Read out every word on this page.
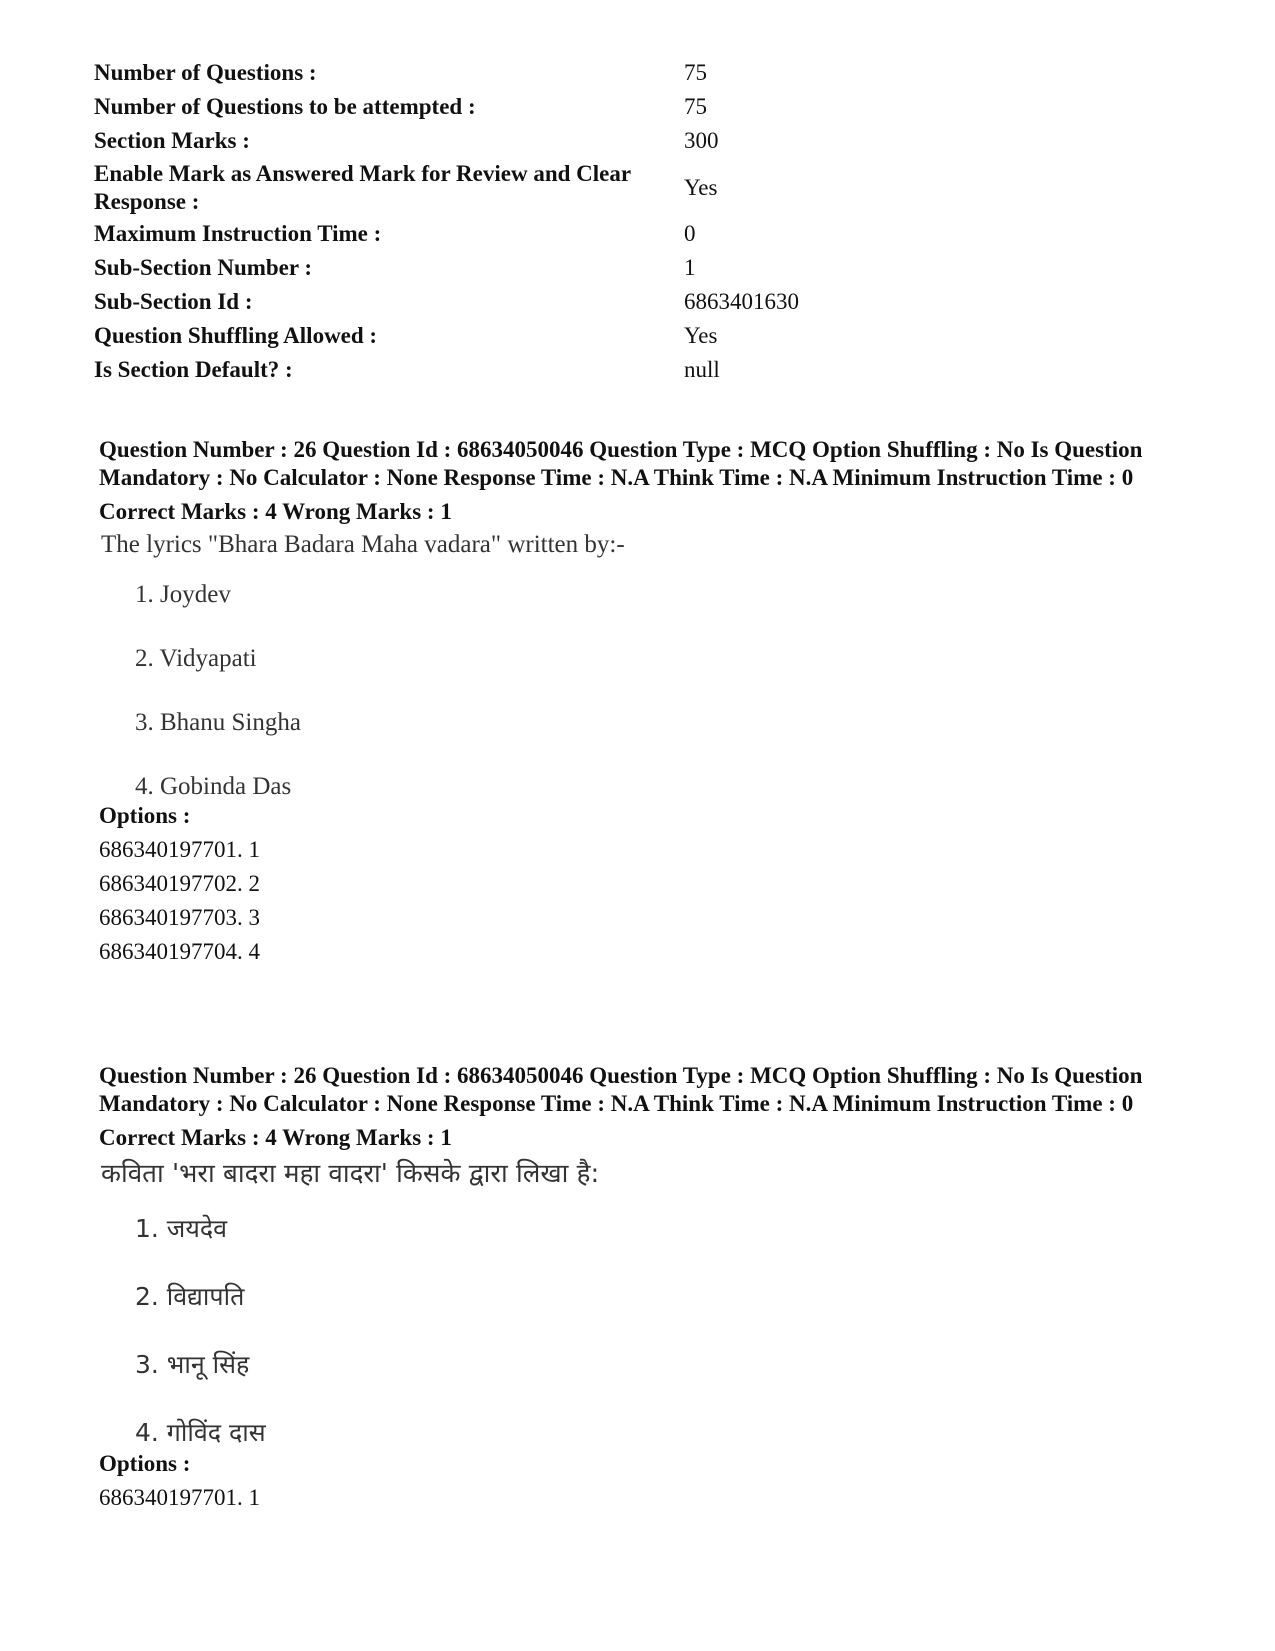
Number of Questions :	75
Number of Questions to be attempted :	75
Section Marks :	300
Enable Mark as Answered Mark for Review and Clear Response :
Yes
Maximum Instruction Time :	0
Sub-Section Number :	1
Sub-Section Id :	6863401630
Question Shuffling Allowed :	Yes
Is Section Default? :	null

Question Number : 26 Question Id : 68634050046 Question Type : MCQ Option Shuffling : No Is Question Mandatory : No Calculator : None Response Time : N.A Think Time : N.A Minimum Instruction Time : 0

Correct Marks : 4 Wrong Marks : 1

The lyrics "Bhara Badara Maha vadara" written by:-
1. Joydev
2. Vidyapati
3. Bhanu Singha
4. Gobinda Das

Options :

686340197701. 1
686340197702. 2
686340197703. 3
686340197704. 4

Question Number : 26 Question Id : 68634050046 Question Type : MCQ Option Shuffling : No Is Question Mandatory : No Calculator : None Response Time : N.A Think Time : N.A Minimum Instruction Time : 0

Correct Marks : 4 Wrong Marks : 1

कविता 'भरा बादरा महा वादरा' किसके द्वारा लिखा है:
1. जयदेव
2. विद्यापति
3. भानू सिंह
4. गोविंद दास

Options :

686340197701. 1
